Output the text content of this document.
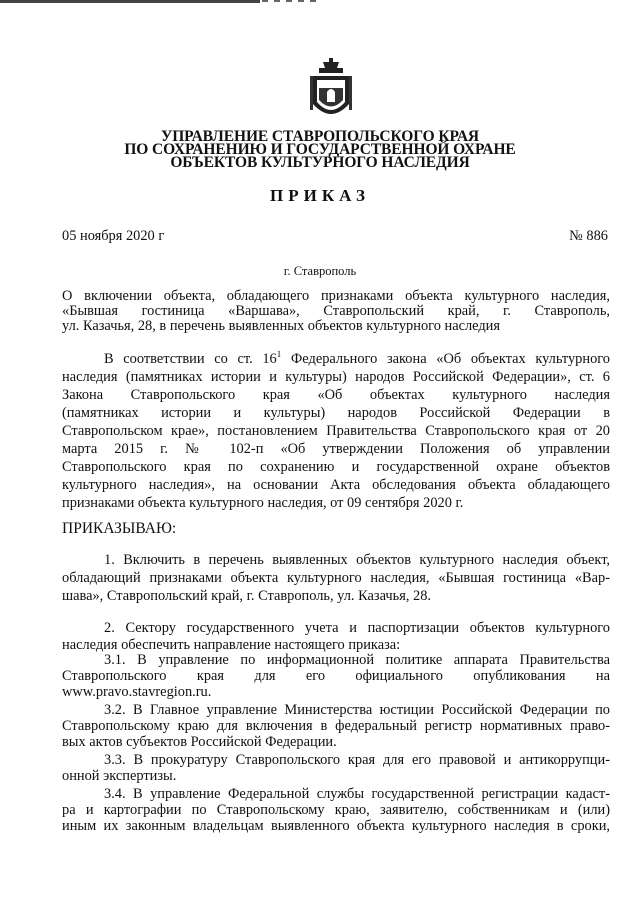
УПРАВЛЕНИЕ СТАВРОПОЛЬСКОГО КРАЯ
ПО СОХРАНЕНИЮ И ГОСУДАРСТВЕННОЙ ОХРАНЕ
ОБЪЕКТОВ КУЛЬТУРНОГО НАСЛЕДИЯ
ПРИКАЗ
05 ноября 2020 г	№ 886
г. Ставрополь
О включении объекта, обладающего признаками объекта культурного наследия,
«Бывшая гостиница «Варшава», Ставропольский край, г. Ставрополь,
ул. Казачья, 28, в перечень выявленных объектов культурного наследия
В соответствии со ст. $16^1$ Федерального закона «Об объектах культурного
наследия (памятниках истории и культуры) народов Российской Федерации», ст. 6
Закона Ставропольского края «Об объектах культурного наследия
(памятниках истории и культуры) народов Российской Федерации в
Ставропольском крае», постановлением Правительства Ставропольского края от 20
марта 2015 г. № 102-п «Об утверждении Положения об управлении
Ставропольского края по сохранению и государственной охране объектов
культурного наследия», на основании Акта обследования объекта обладающего
признаками объекта культурного наследия, от 09 сентября 2020 г.
ПРИКАЗЫВАЮ:
1. Включить в перечень выявленных объектов культурного наследия объект,
обладающий признаками объекта культурного наследия, «Бывшая гостиница «Вар-
шава», Ставропольский край, г. Ставрополь, ул. Казачья, 28.
2. Сектору государственного учета и паспортизации объектов культурного
наследия обеспечить направление настоящего приказа:
3.1. В управление по информационной политике аппарата Правительства
Ставропольского края для его официального опубликования на
www.pravo.stavregion.ru.
3.2. В Главное управление Министерства юстиции Российской Федерации по
Ставропольскому краю для включения в федеральный регистр нормативных право-
вых актов субъектов Российской Федерации.
3.3. В прокуратуру Ставропольского края для его правовой и антикоррупци-
онной экспертизы.
3.4. В управление Федеральной службы государственной регистрации кадаст-
ра и картографии по Ставропольскому краю, заявителю, собственникам и (или)
иным их законным владельцам выявленного объекта культурного наследия в сроки,
